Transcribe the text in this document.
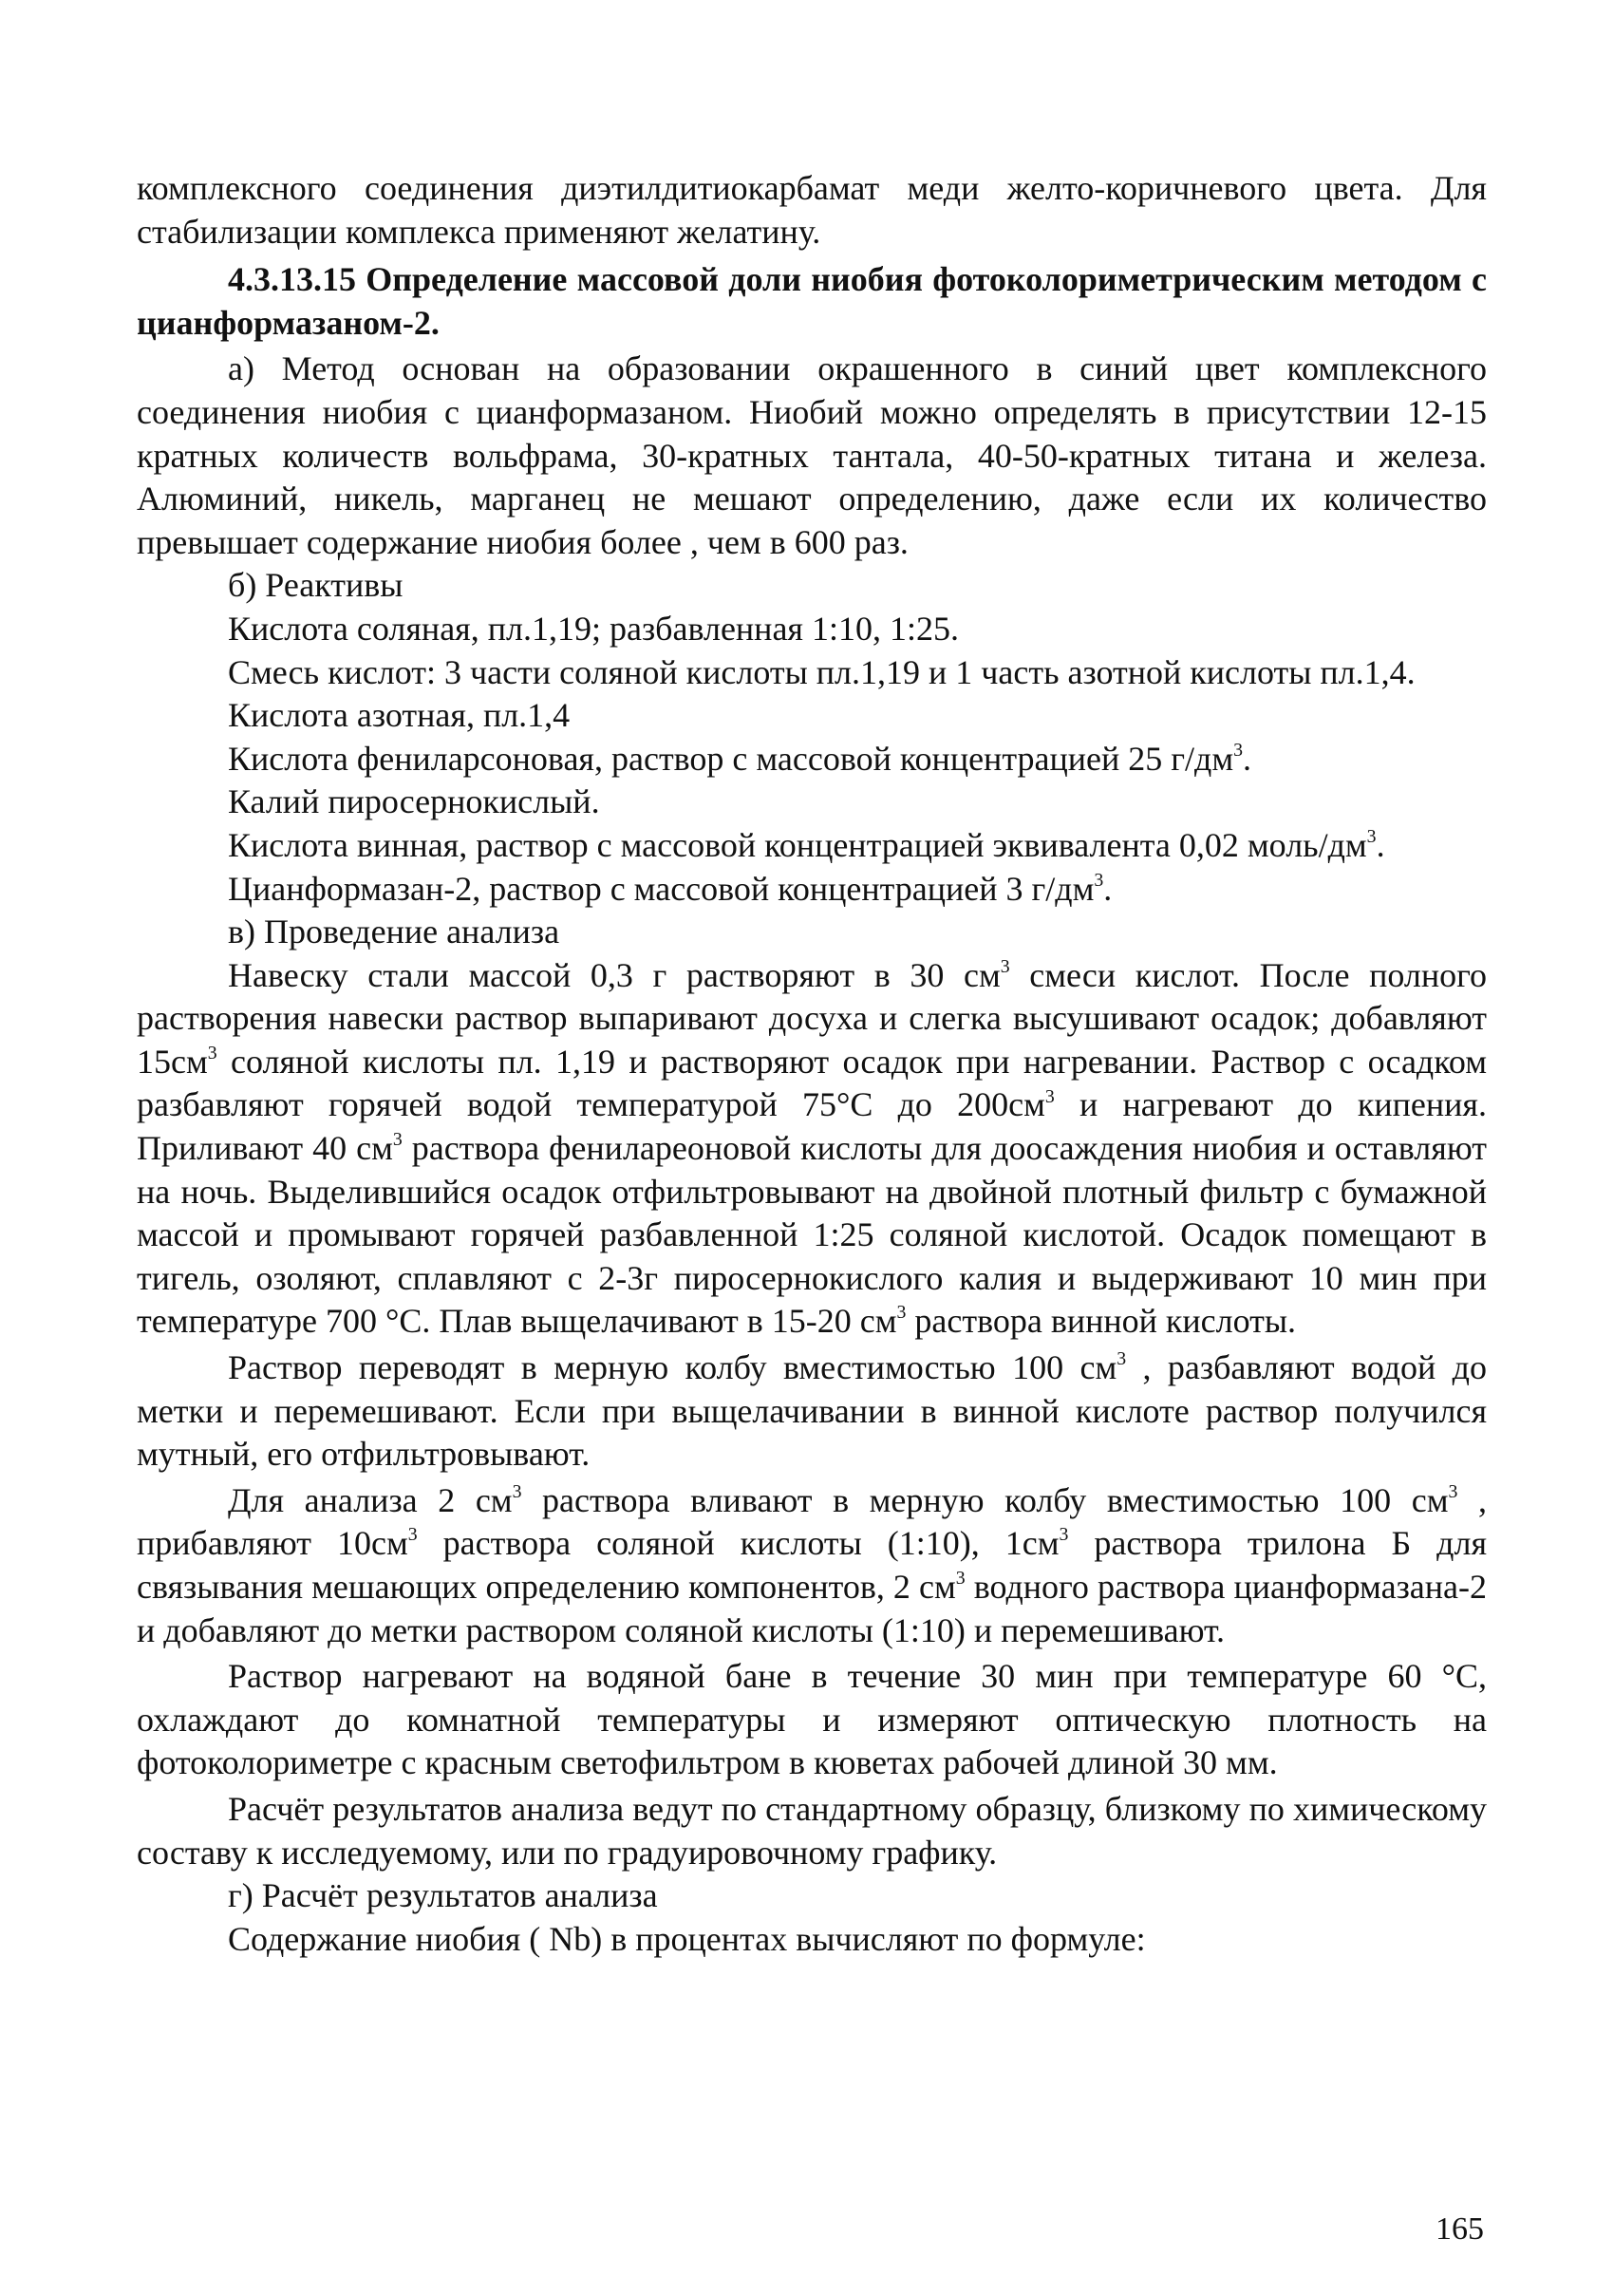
комплексного соединения диэтилдитиокарбамат меди желто-коричневого цвета. Для стабилизации комплекса применяют желатину.

4.3.13.15 Определение массовой доли ниобия фотоколориметрическим методом с цианформазаном-2.

а) Метод основан на образовании окрашенного в синий цвет комплексного соединения ниобия с цианформазаном. Ниобий можно определять в присутствии 12-15 кратных количеств вольфрама, 30-кратных тантала, 40-50-кратных титана и железа. Алюминий, никель, марганец не мешают определению, даже если их количество превышает содержание ниобия более , чем в 600 раз.

б) Реактивы

Кислота соляная, пл.1,19; разбавленная 1:10, 1:25.

Смесь кислот: 3 части соляной кислоты пл.1,19 и 1 часть азотной кислоты пл.1,4.

Кислота азотная, пл.1,4

Кислота фениларсоновая, раствор с массовой концентрацией 25 $г/дм^3$.

Калий пиросернокислый.

Кислота винная, раствор с массовой концентрацией эквивалента 0,02 моль/$дм^3$.

Цианформазан-2, раствор с массовой концентрацией 3 $г/дм^3$.

в) Проведение анализа

Навеску стали массой 0,3 г растворяют в 30 $см^3$ смеси кислот. После полного растворения навески раствор выпаривают досуха и слегка высушивают осадок; добавляют $15см^3$ соляной кислоты пл. 1,19 и растворяют осадок при нагревании. Раствор с осадком разбавляют горячей водой температурой 75°С до $200см^3$ и нагревают до кипения. Приливают 40 $см^3$ раствора фенилареоновой кислоты для доосаждения ниобия и оставляют на ночь. Выделившийся осадок отфильтровывают на двойной плотный фильтр с бумажной массой и промывают горячей разбавленной 1:25 соляной кислотой. Осадок помещают в тигель, озоляют, сплавляют с 2-3г пиросернокислого калия и выдерживают 10 мин при температуре 700 °С. Плав выщелачивают в 15-20 $см^3$ раствора винной кислоты.

Раствор переводят в мерную колбу вместимостью 100 $см^3$ , разбавляют водой до метки и перемешивают. Если при выщелачивании в винной кислоте раствор получился мутный, его отфильтровывают.

Для анализа 2 $см^3$ раствора вливают в мерную колбу вместимостью 100 $см^3$ , прибавляют $10см^3$ раствора соляной кислоты (1:10), $1см^3$ раствора трилона Б для связывания мешающих определению компонентов, 2 $см^3$ водного раствора цианформазана-2 и добавляют до метки раствором соляной кислоты (1:10) и перемешивают.

Раствор нагревают на водяной бане в течение 30 мин при температуре 60 °С, охлаждают до комнатной температуры и измеряют оптическую плотность на фотоколориметре с красным светофильтром в кюветах рабочей длиной 30 мм.

Расчёт результатов анализа ведут по стандартному образцу, близкому по химическому составу к исследуемому, или по градуировочному графику.

г) Расчёт результатов анализа

Содержание ниобия ( Nb) в процентах вычисляют по формуле:

165
